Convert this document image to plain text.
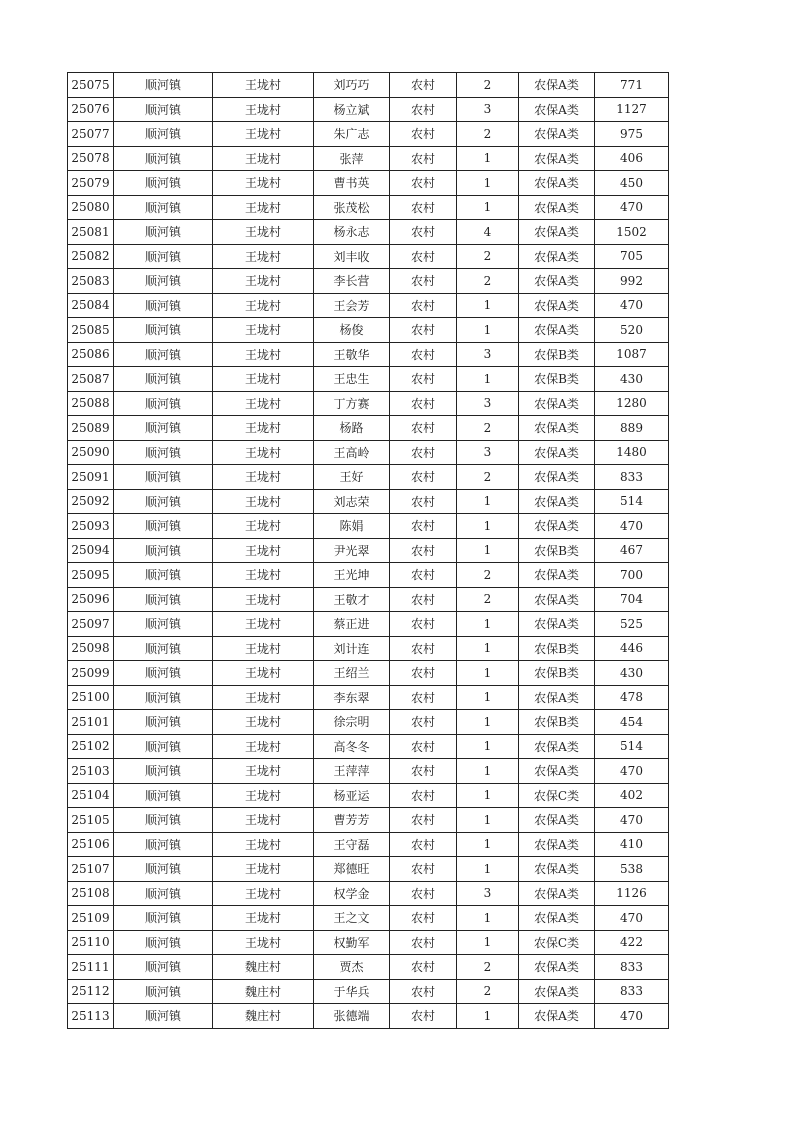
25075	顺河镇	王垅村	刘巧巧	农村	2	农保A类	771
25076	顺河镇	王垅村	杨立斌	农村	3	农保A类	1127
25077	顺河镇	王垅村	朱广志	农村	2	农保A类	975
25078	顺河镇	王垅村	张萍	农村	1	农保A类	406
25079	顺河镇	王垅村	曹书英	农村	1	农保A类	450
25080	顺河镇	王垅村	张茂松	农村	1	农保A类	470
25081	顺河镇	王垅村	杨永志	农村	4	农保A类	1502
25082	顺河镇	王垅村	刘丰收	农村	2	农保A类	705
25083	顺河镇	王垅村	李长营	农村	2	农保A类	992
25084	顺河镇	王垅村	王会芳	农村	1	农保A类	470
25085	顺河镇	王垅村	杨俊	农村	1	农保A类	520
25086	顺河镇	王垅村	王敬华	农村	3	农保B类	1087
25087	顺河镇	王垅村	王忠生	农村	1	农保B类	430
25088	顺河镇	王垅村	丁方赛	农村	3	农保A类	1280
25089	顺河镇	王垅村	杨路	农村	2	农保A类	889
25090	顺河镇	王垅村	王高岭	农村	3	农保A类	1480
25091	顺河镇	王垅村	王好	农村	2	农保A类	833
25092	顺河镇	王垅村	刘志荣	农村	1	农保A类	514
25093	顺河镇	王垅村	陈娟	农村	1	农保A类	470
25094	顺河镇	王垅村	尹光翠	农村	1	农保B类	467
25095	顺河镇	王垅村	王光坤	农村	2	农保A类	700
25096	顺河镇	王垅村	王敬才	农村	2	农保A类	704
25097	顺河镇	王垅村	蔡正进	农村	1	农保A类	525
25098	顺河镇	王垅村	刘计连	农村	1	农保B类	446
25099	顺河镇	王垅村	王绍兰	农村	1	农保B类	430
25100	顺河镇	王垅村	李东翠	农村	1	农保A类	478
25101	顺河镇	王垅村	徐宗明	农村	1	农保B类	454
25102	顺河镇	王垅村	高冬冬	农村	1	农保A类	514
25103	顺河镇	王垅村	王萍萍	农村	1	农保A类	470
25104	顺河镇	王垅村	杨亚运	农村	1	农保C类	402
25105	顺河镇	王垅村	曹芳芳	农村	1	农保A类	470
25106	顺河镇	王垅村	王守磊	农村	1	农保A类	410
25107	顺河镇	王垅村	郑德旺	农村	1	农保A类	538
25108	顺河镇	王垅村	权学金	农村	3	农保A类	1126
25109	顺河镇	王垅村	王之文	农村	1	农保A类	470
25110	顺河镇	王垅村	权勤军	农村	1	农保C类	422
25111	顺河镇	魏庄村	贾杰	农村	2	农保A类	833
25112	顺河镇	魏庄村	于华兵	农村	2	农保A类	833
25113	顺河镇	魏庄村	张德端	农村	1	农保A类	470
